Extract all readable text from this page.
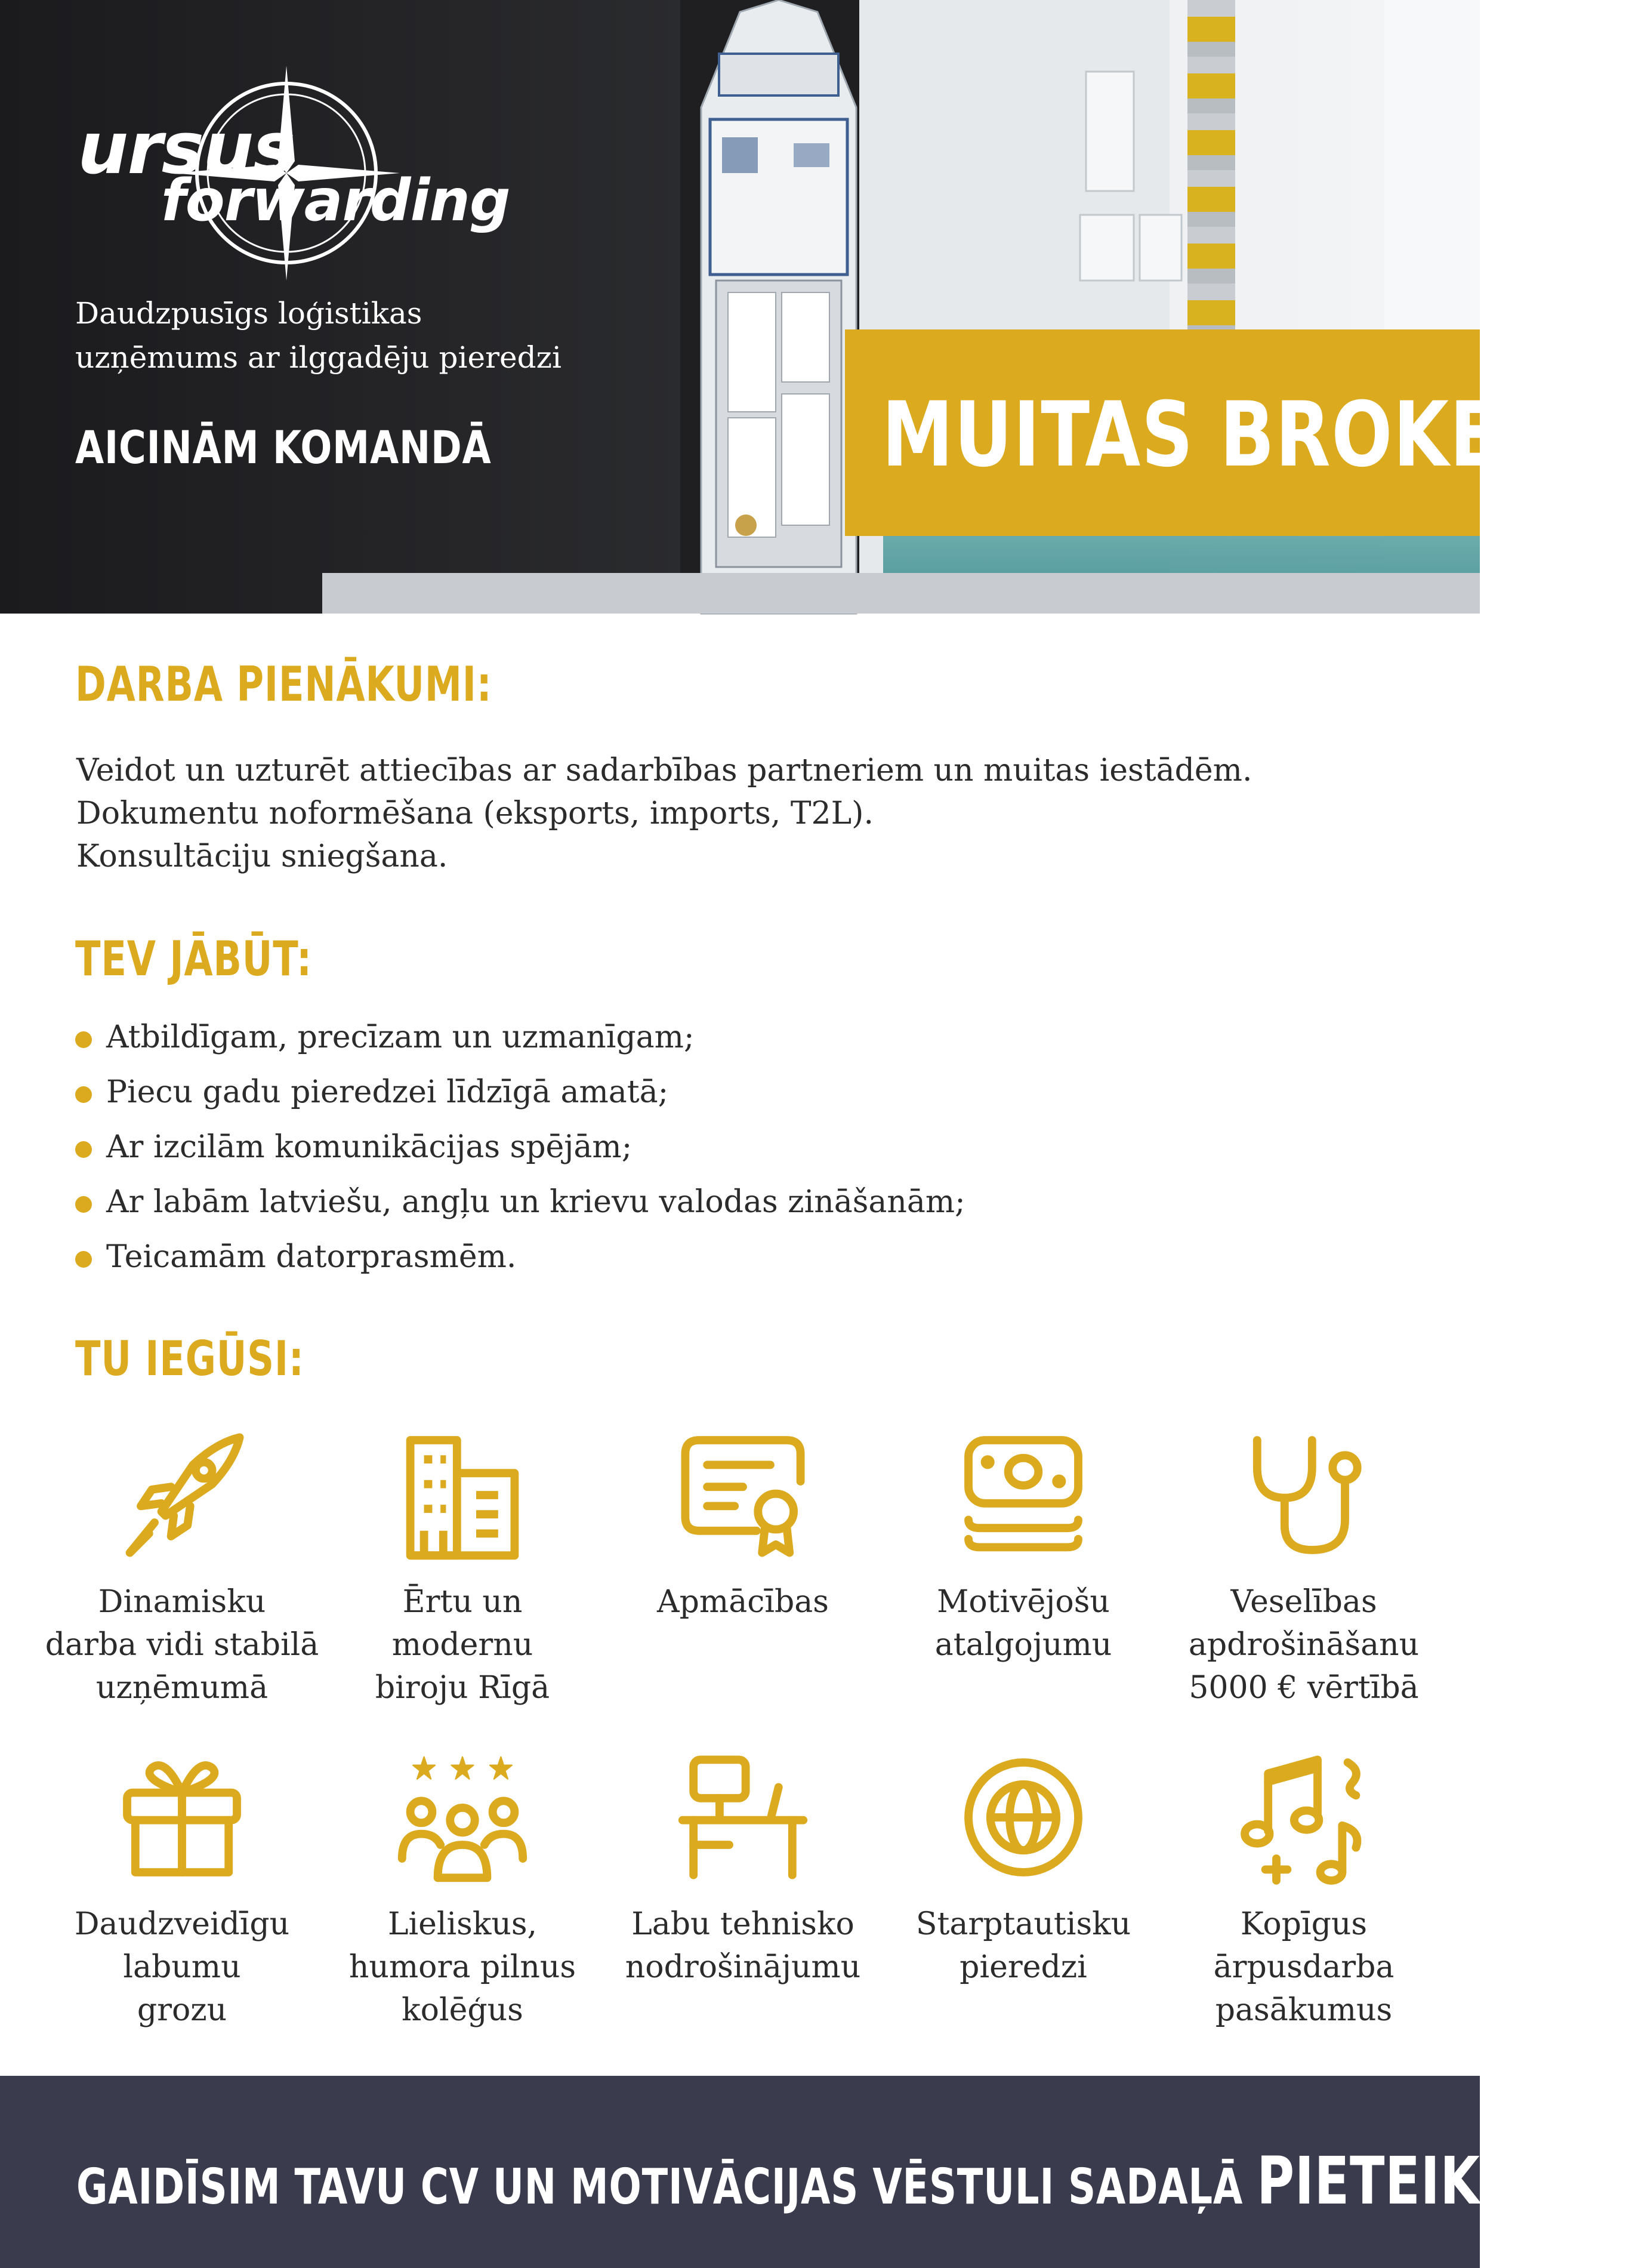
ursus
forwarding
Daudzpusīgs loģistikas
uzņēmums ar ilggadēju pieredzi
AICINĀM KOMANDĀ	MUITAS BROKERI
DARBA PIENĀKUMI:
Veidot un uzturēt attiecības ar sadarbības partneriem un muitas iestādēm.
Dokumentu noformēšana (eksports, imports, T2L).
Konsultāciju sniegšana.
TEV JĀBŪT:
Atbildīgam, precīzam un uzmanīgam;
Piecu gadu pieredzei līdzīgā amatā;
Ar izcilām komunikācijas spējām;
Ar labām latviešu, angļu un krievu valodas zināšanām;
Teicamām datorprasmēm.
TU IEGŪSI:
Dinamisku
darba vidi stabilā
uzņēmumā
Ērtu un
modernu
biroju Rīgā
Apmācības	Motivējošu
atalgojumu
Veselības
apdrošināšanu
5000 € vērtībā
Daudzveidīgu
labumu
grozu
Lieliskus,
humora pilnus
kolēģus
Labu tehnisko
nodrošinājumu
Starptautisku
pieredzi
Kopīgus
ārpusdarba
pasākumus
GAIDĪSIM TAVU CV UN MOTIVĀCIJAS VĒSTULI SADAĻĀ PIETEIKTIES!
